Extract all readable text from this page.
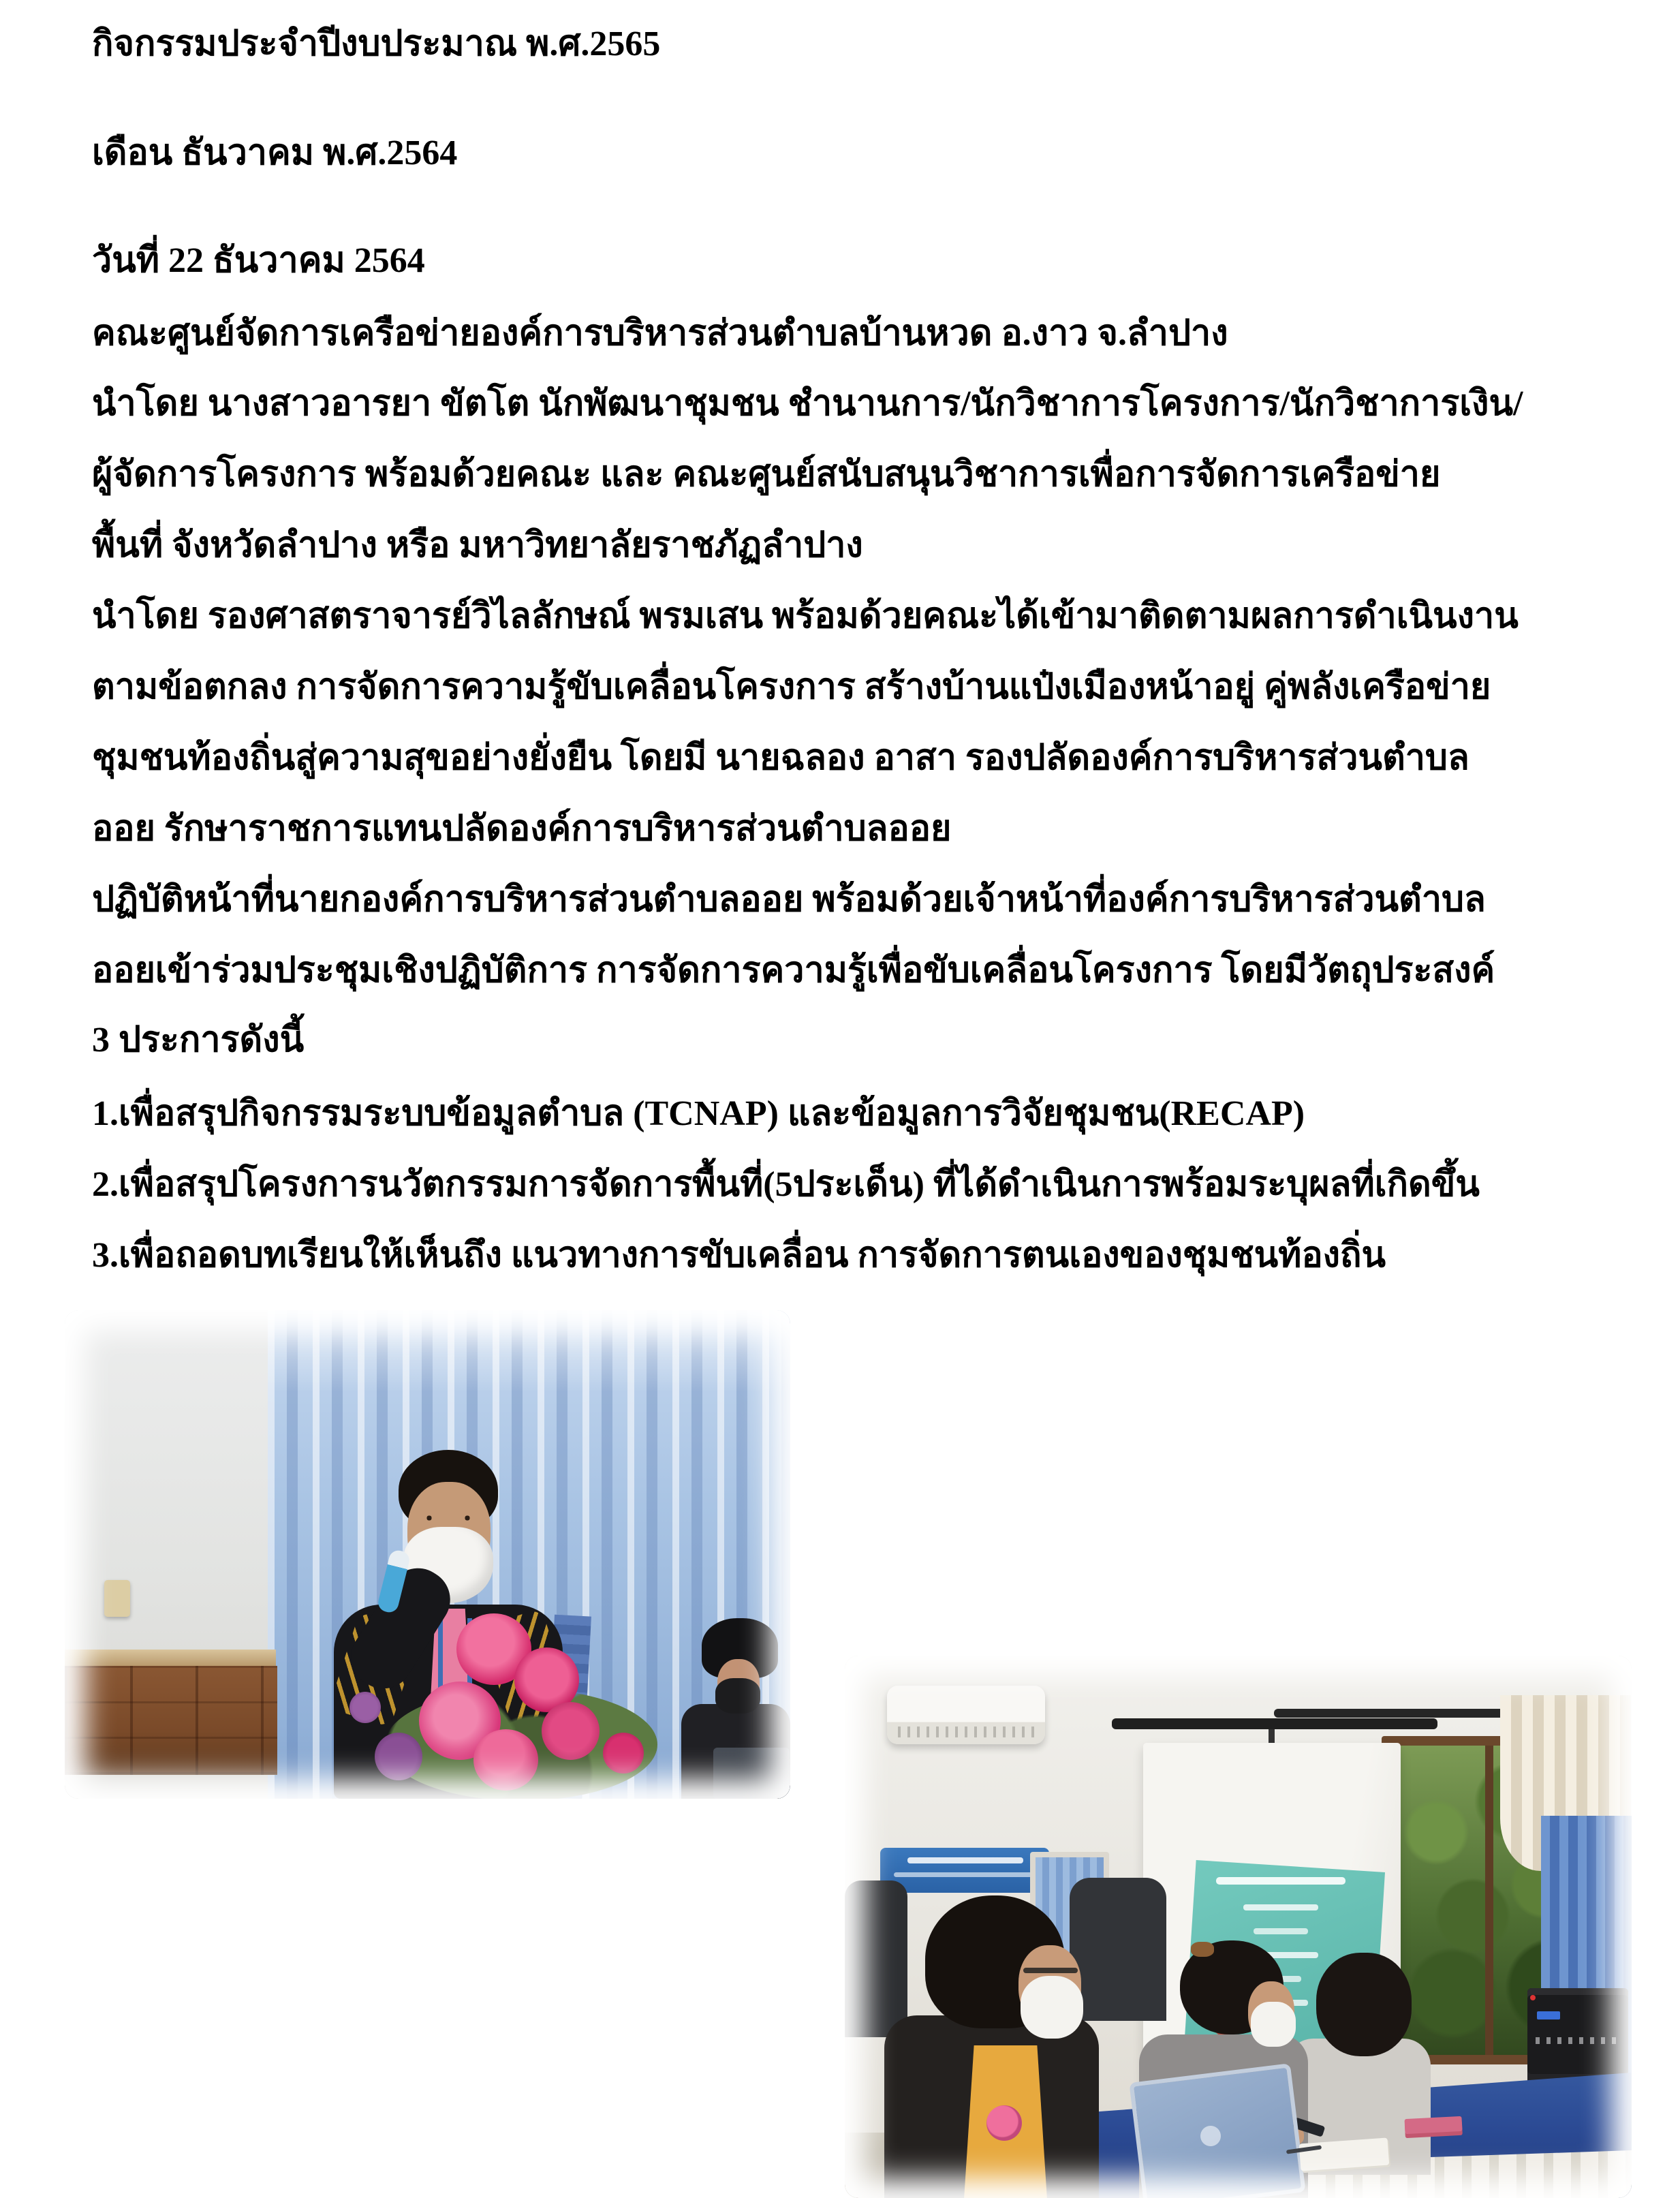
กิจกรรมประจำปีงบประมาณ พ.ศ.2565
เดือน ธันวาคม พ.ศ.2564
วันที่ 22 ธันวาคม 2564
คณะศูนย์จัดการเครือข่ายองค์การบริหารส่วนตำบลบ้านหวด อ.งาว จ.ลำปาง
นำโดย นางสาวอารยา ขัตโต นักพัฒนาชุมชน ชำนานการ/นักวิชาการโครงการ/นักวิชาการเงิน/
ผู้จัดการโครงการ พร้อมด้วยคณะ และ คณะศูนย์สนับสนุนวิชาการเพื่อการจัดการเครือข่าย
พื้นที่ จังหวัดลำปาง หรือ มหาวิทยาลัยราชภัฏลำปาง
นำโดย รองศาสตราจารย์วิไลลักษณ์ พรมเสน พร้อมด้วยคณะได้เข้ามาติดตามผลการดำเนินงาน
ตามข้อตกลง การจัดการความรู้ขับเคลื่อนโครงการ สร้างบ้านแป๋งเมืองหน้าอยู่ คู่พลังเครือข่าย
ชุมชนท้องถิ่นสู่ความสุขอย่างยั่งยืน โดยมี นายฉลอง อาสา รองปลัดองค์การบริหารส่วนตำบล
ออย รักษาราชการแทนปลัดองค์การบริหารส่วนตำบลออย
ปฏิบัติหน้าที่นายกองค์การบริหารส่วนตำบลออย พร้อมด้วยเจ้าหน้าที่องค์การบริหารส่วนตำบล
ออยเข้าร่วมประชุมเชิงปฏิบัติการ การจัดการความรู้เพื่อขับเคลื่อนโครงการ โดยมีวัตถุประสงค์
3 ประการดังนี้
1.เพื่อสรุปกิจกรรมระบบข้อมูลตำบล (TCNAP) และข้อมูลการวิจัยชุมชน(RECAP)
2.เพื่อสรุปโครงการนวัตกรรมการจัดการพื้นที่(5ประเด็น) ที่ได้ดำเนินการพร้อมระบุผลที่เกิดขึ้น
3.เพื่อถอดบทเรียนให้เห็นถึง แนวทางการขับเคลื่อน การจัดการตนเองของชุมชนท้องถิ่น
